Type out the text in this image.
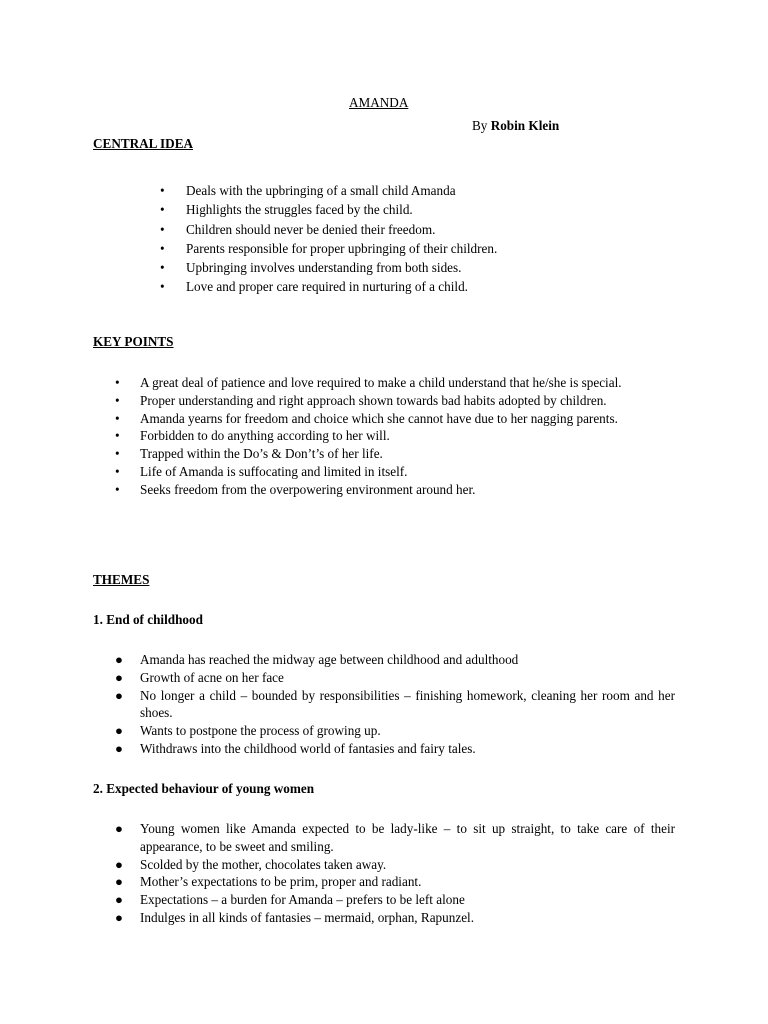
AMANDA
By Robin Klein
CENTRAL IDEA
• Deals with the upbringing of a small child Amanda
• Highlights the struggles faced by the child.
• Children should never be denied their freedom.
• Parents responsible for proper upbringing of their children.
• Upbringing involves understanding from both sides.
• Love and proper care required in nurturing of a child.
KEY POINTS
• A great deal of patience and love required to make a child understand that he/she is special.
• Proper understanding and right approach shown towards bad habits adopted by children.
• Amanda yearns for freedom and choice which she cannot have due to her nagging parents.
• Forbidden to do anything according to her will.
• Trapped within the Do’s & Don’t’s of her life.
• Life of Amanda is suffocating and limited in itself.
• Seeks freedom from the overpowering environment around her.
THEMES
1. End of childhood
● Amanda has reached the midway age between childhood and adulthood
● Growth of acne on her face
● No longer a child – bounded by responsibilities – finishing homework, cleaning her room and her shoes.
● Wants to postpone the process of growing up.
● Withdraws into the childhood world of fantasies and fairy tales.
2. Expected behaviour of young women
● Young women like Amanda expected to be lady-like – to sit up straight, to take care of their appearance, to be sweet and smiling.
● Scolded by the mother, chocolates taken away.
● Mother’s expectations to be prim, proper and radiant.
● Expectations – a burden for Amanda – prefers to be left alone
● Indulges in all kinds of fantasies – mermaid, orphan, Rapunzel.
